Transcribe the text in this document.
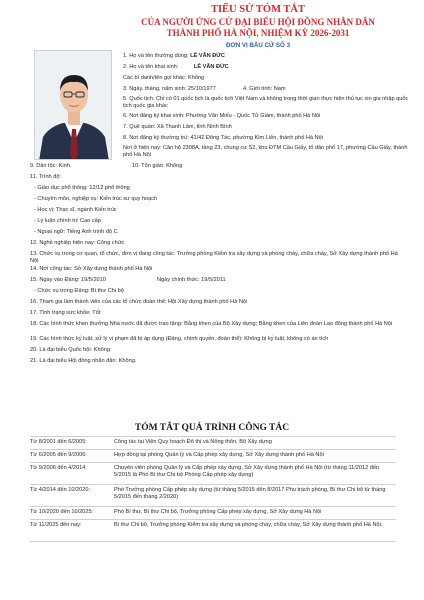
TIỂU SỬ TÓM TẮT
CỦA NGƯỜI ỨNG CỬ ĐẠI BIỂU HỘI ĐỒNG NHÂN DÂN
THÀNH PHỐ HÀ NỘI, NHIỆM KỲ 2026-2031
ĐƠN VỊ BẦU CỬ SỐ 3
1. Họ và tên thường dùng: LÊ VĂN ĐỨC
2. Họ và tên khai sinh:	LÊ VĂN ĐỨC
Các bí danh/tên gọi khác: Không
3. Ngày, tháng, năm sinh: 25/10/1977	4. Giới tính: Nam
5. Quốc tịch: Chỉ có 01 quốc tịch là quốc tịch Việt Nam và không trong thời gian thực hiện thủ tục xin gia nhập quốc tịch quốc gia khác
6. Nơi đăng ký khai sinh: Phường Văn Miếu - Quốc Tử Giám, thành phố Hà Nội
7. Quê quán: Xã Thanh Lâm, tỉnh Ninh Bình
8. Nơi đăng ký thường trú: 41/42 Đông Tác, phường Kim Liên, thành phố Hà Nội
Nơi ở hiện nay: Căn hộ 2308A, tầng 23, chung cư S2, khu ĐTM Cầu Giấy, tổ dân phố 17, phường Cầu Giấy, thành phố Hà Nội
9. Dân tộc: Kinh	10. Tôn giáo: Không
11. Trình độ:
- Giáo dục phổ thông: 12/12 phổ thông
- Chuyên môn, nghiệp vụ: Kiến trúc sư quy hoạch
- Học vị: Thạc sĩ, ngành Kiến trúc
- Lý luận chính trị: Cao cấp
- Ngoại ngữ: Tiếng Anh trình độ C
12. Nghề nghiệp hiện nay: Công chức
13. Chức vụ trong cơ quan, tổ chức, đơn vị đang công tác: Trưởng phòng Kiểm tra xây dựng và phòng cháy, chữa cháy, Sở Xây dựng thành phố Hà Nội
14. Nơi công tác: Sở Xây dựng thành phố Hà Nội
15. Ngày vào Đảng: 19/5/2010	Ngày chính thức: 19/5/2011
- Chức vụ trong Đảng: Bí thư Chi bộ
16. Tham gia làm thành viên của các tổ chức đoàn thể: Hội Xây dựng thành phố Hà Nội
17. Tình trạng sức khỏe: Tốt
18. Các hình thức khen thưởng Nhà nước đã được trao tặng: Bằng khen của Bộ Xây dựng; Bằng khen của Liên đoàn Lao động thành phố Hà Nội
19. Các hình thức kỷ luật, xử lý vi phạm đã bị áp dụng (Đảng, chính quyền, đoàn thể): Không bị kỷ luật, không có án tích
20. Là đại biểu Quốc hội: Không
21. Là đại biểu Hội đồng nhân dân: Không.
TÓM TẮT QUÁ TRÌNH CÔNG TÁC
Từ 8/2001 đến 6/2005:	Công tác tại Viện Quy hoạch Đô thị và Nông thôn, Bộ Xây dựng
Từ 6/2005 đến 9/2006:	Hợp đồng tại phòng Quản lý và Cấp phép xây dựng, Sở Xây dựng thành phố Hà Nội
Từ 9/2006 đến 4/2014:	Chuyên viên phòng Quản lý và Cấp phép xây dựng, Sở Xây dựng thành phố Hà Nội (từ tháng 11/2012 đến 5/2015 là Phó Bí thư Chi bộ Phòng Cấp phép xây dựng)
Từ 4/2014 đến 10/2020:	Phó Trưởng phòng Cấp phép xây dựng (từ tháng 5/2015 đến 8/2017 Phụ trách phòng, Bí thư Chi bộ từ tháng 5/2015 đến tháng 2/2020)
Từ 10/2020 đến 10/2025:	Phó Bí thư, Bí thư Chi bộ, Trưởng phòng Cấp phép xây dựng, Sở Xây dựng Hà Nội
Từ 11/2025 đến nay:	Bí thư Chi bộ, Trưởng phòng Kiểm tra xây dựng và phòng cháy, chữa cháy, Sở Xây dựng thành phố Hà Nội.
